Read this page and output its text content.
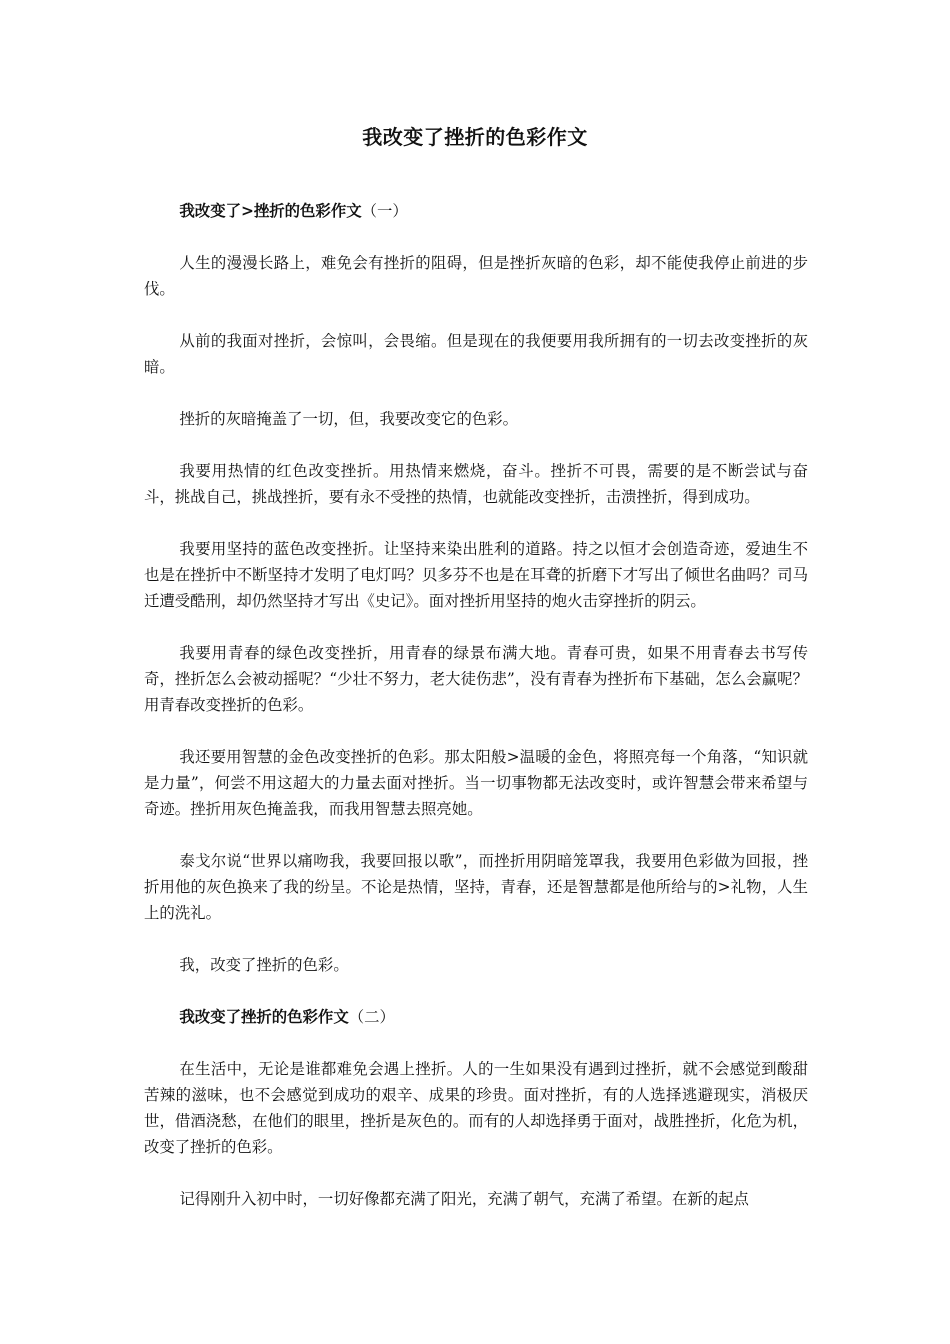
我改变了挫折的色彩作文

我改变了>挫折的色彩作文（一）

人生的漫漫长路上，难免会有挫折的阻碍，但是挫折灰暗的色彩，却不能使我停止前进的步伐。

从前的我面对挫折，会惊叫，会畏缩。但是现在的我便要用我所拥有的一切去改变挫折的灰暗。

挫折的灰暗掩盖了一切，但，我要改变它的色彩。

我要用热情的红色改变挫折。用热情来燃烧，奋斗。挫折不可畏，需要的是不断尝试与奋斗，挑战自己，挑战挫折，要有永不受挫的热情，也就能改变挫折，击溃挫折，得到成功。

我要用坚持的蓝色改变挫折。让坚持来染出胜利的道路。持之以恒才会创造奇迹，爱迪生不也是在挫折中不断坚持才发明了电灯吗？贝多芬不也是在耳聋的折磨下才写出了倾世名曲吗？司马迁遭受酷刑，却仍然坚持才写出《史记》。面对挫折用坚持的炮火击穿挫折的阴云。

我要用青春的绿色改变挫折，用青春的绿景布满大地。青春可贵，如果不用青春去书写传奇，挫折怎么会被动摇呢？“少壮不努力，老大徒伤悲”，没有青春为挫折布下基础，怎么会赢呢？用青春改变挫折的色彩。

我还要用智慧的金色改变挫折的色彩。那太阳般>温暖的金色，将照亮每一个角落，“知识就是力量”，何尝不用这超大的力量去面对挫折。当一切事物都无法改变时，或许智慧会带来希望与奇迹。挫折用灰色掩盖我，而我用智慧去照亮她。

泰戈尔说“世界以痛吻我，我要回报以歌”，而挫折用阴暗笼罩我，我要用色彩做为回报，挫折用他的灰色换来了我的纷呈。不论是热情，坚持，青春，还是智慧都是他所给与的>礼物，人生上的洗礼。

我，改变了挫折的色彩。

我改变了挫折的色彩作文（二）

在生活中，无论是谁都难免会遇上挫折。人的一生如果没有遇到过挫折，就不会感觉到酸甜苦辣的滋味，也不会感觉到成功的艰辛、成果的珍贵。面对挫折，有的人选择逃避现实，消极厌世，借酒浇愁，在他们的眼里，挫折是灰色的。而有的人却选择勇于面对，战胜挫折，化危为机，改变了挫折的色彩。

记得刚升入初中时，一切好像都充满了阳光，充满了朝气，充满了希望。在新的起点
